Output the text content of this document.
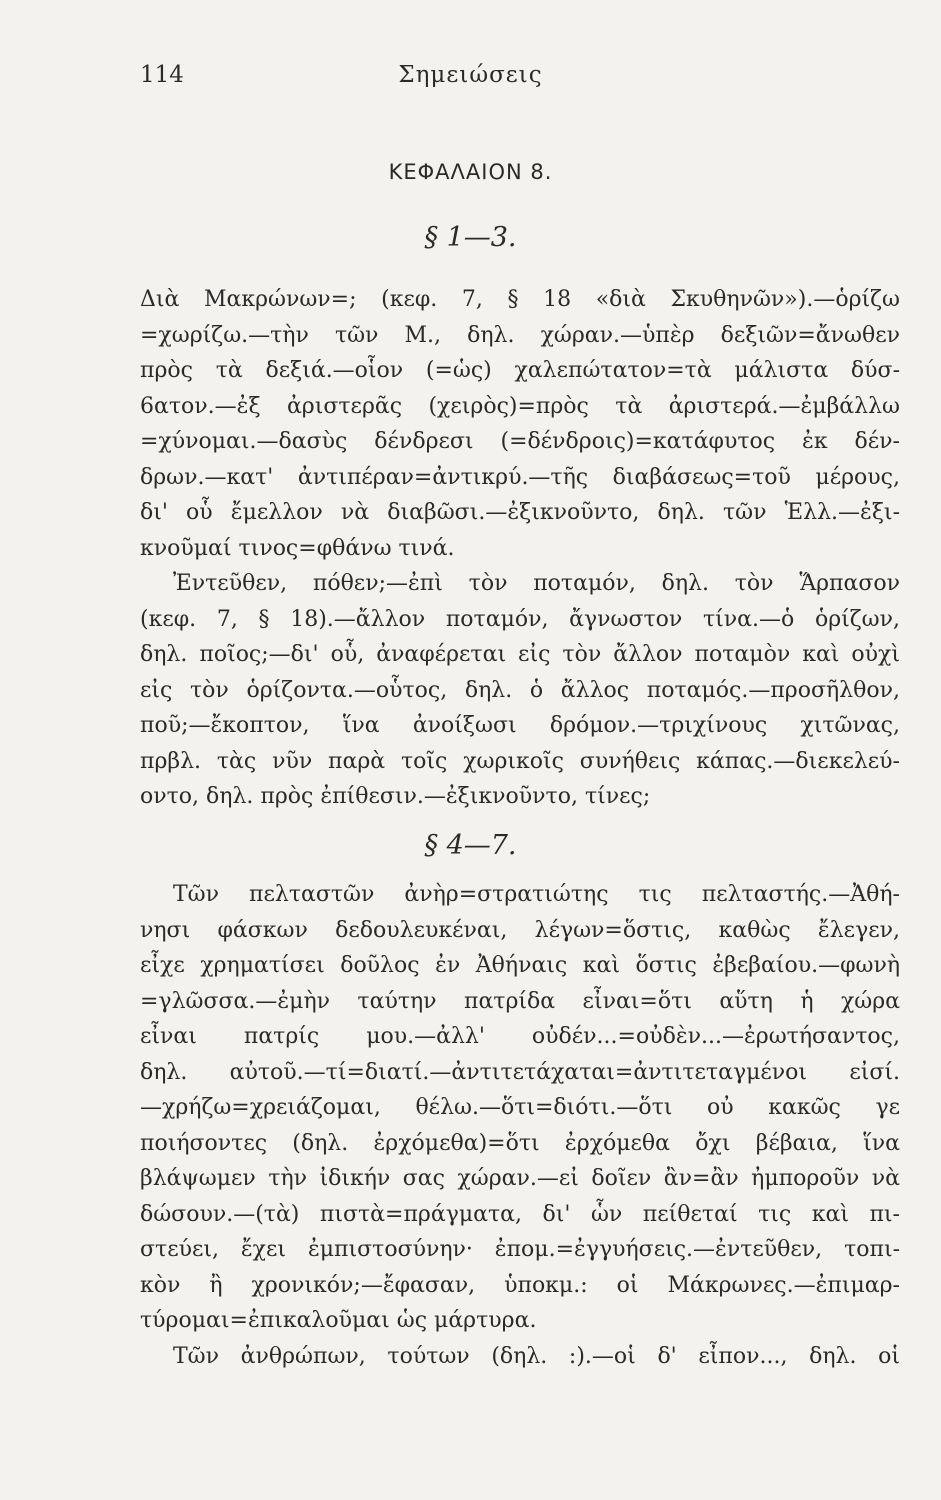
114	Σημειώσεις
ΚΕΦΑΛΑΙΟΝ 8.
§ 1—3.
Διὰ Μακρώνων=; (κεφ. 7, § 18 «διὰ Σκυθηνῶν»).—ὁρίζω
=χωρίζω.—τὴν τῶν Μ., δηλ. χώραν.—ὑπὲρ δεξιῶν=ἄνωθεν
πρὸς τὰ δεξιά.—οἷον (=ὡς) χαλεπώτατον=τὰ μάλιστα δύσ-
6ατον.—ἐξ ἀριστερᾶς (χειρὸς)=πρὸς τὰ ἀριστερά.—ἐμβάλλω
=χύνομαι.—δασὺς δένδρεσι (=δένδροις)=κατάφυτος ἐκ δέν-
δρων.—κατ' ἀντιπέραν=ἀντικρύ.—τῆς διαβάσεως=τοῦ μέρους,
δι' οὗ ἔμελλον νὰ διαβῶσι.—ἐξικνοῦντο, δηλ. τῶν Ἑλλ.—ἐξι-
κνοῦμαί τινος=φθάνω τινά.
Ἐντεῦθεν, πόθεν;—ἐπὶ τὸν ποταμόν, δηλ. τὸν Ἅρπασον
(κεφ. 7, § 18).—ἄλλον ποταμόν, ἄγνωστον τίνα.—ὁ ὁρίζων,
δηλ. ποῖος;—δι' οὗ, ἀναφέρεται εἰς τὸν ἄλλον ποταμὸν καὶ οὐχὶ
εἰς τὸν ὁρίζοντα.—οὗτος, δηλ. ὁ ἄλλος ποταμός.—προσῆλθον,
ποῦ;—ἔκοπτον, ἵνα ἀνοίξωσι δρόμον.—τριχίνους χιτῶνας,
πρβλ. τὰς νῦν παρὰ τοῖς χωρικοῖς συνήθεις κάπας.—διεκελεύ-
οντο, δηλ. πρὸς ἐπίθεσιν.—ἐξικνοῦντο, τίνες;
§ 4—7.
Τῶν πελταστῶν ἀνὴρ=στρατιώτης τις πελταστής.—Ἀθή-
νησι φάσκων δεδουλευκέναι, λέγων=ὅστις, καθὼς ἔλεγεν,
εἶχε χρηματίσει δοῦλος ἐν Ἀθήναις καὶ ὅστις ἐβεβαίου.—φωνὴ
=γλῶσσα.—ἐμὴν ταύτην πατρίδα εἶναι=ὅτι αὕτη ἡ χώρα
εἶναι πατρίς μου.—ἀλλ' οὐδέν...=οὐδὲν...—ἐρωτήσαντος,
δηλ. αὐτοῦ.—τί=διατί.—ἀντιτετάχαται=ἀντιτεταγμένοι εἰσί.
—χρήζω=χρειάζομαι, θέλω.—ὅτι=διότι.—ὅτι οὐ κακῶς γε
ποιήσοντες (δηλ. ἐρχόμεθα)=ὅτι ἐρχόμεθα ὄχι βέβαια, ἵνα
βλάψωμεν τὴν ἰδικήν σας χώραν.—εἰ δοῖεν ἂν=ἂν ἠμποροῦν νὰ
δώσουν.—(τὰ) πιστὰ=πράγματα, δι' ὧν πείθεταί τις καὶ πι-
στεύει, ἔχει ἐμπιστοσύνην· ἐπομ.=ἐγγυήσεις.—ἐντεῦθεν, τοπι-
κὸν ἢ χρονικόν;—ἔφασαν, ὑποκμ.: οἱ Μάκρωνες.—ἐπιμαρ-
τύρομαι=ἐπικαλοῦμαι ὡς μάρτυρα.
Τῶν ἀνθρώπων, τούτων (δηλ. :).—οἱ δ' εἶπον..., δηλ. οἱ
